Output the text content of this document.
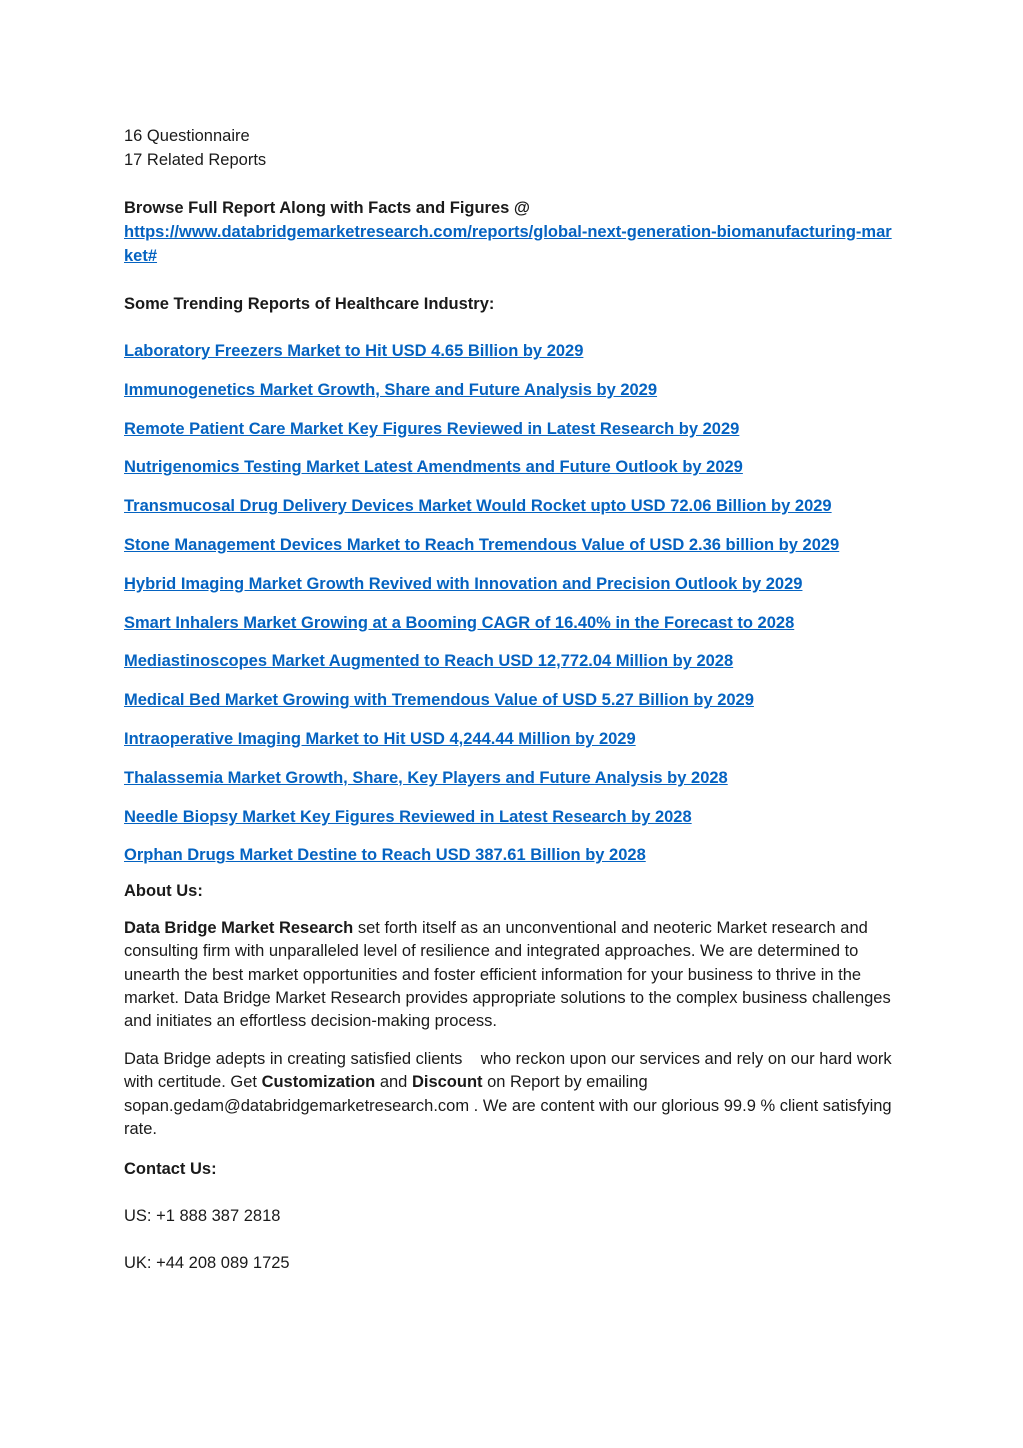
16 Questionnaire

17 Related Reports

Browse Full Report Along with Facts and Figures @
https://www.databridgemarketresearch.com/reports/global-next-generation-biomanufacturing-market#
Some Trending Reports of Healthcare Industry:
Laboratory Freezers Market to Hit USD 4.65 Billion by 2029
Immunogenetics Market Growth, Share and Future Analysis by 2029
Remote Patient Care Market Key Figures Reviewed in Latest Research by 2029
Nutrigenomics Testing Market Latest Amendments and Future Outlook by 2029
Transmucosal Drug Delivery Devices Market Would Rocket upto USD 72.06 Billion by 2029
Stone Management Devices Market to Reach Tremendous Value of USD 2.36 billion by 2029
Hybrid Imaging Market Growth Revived with Innovation and Precision Outlook by 2029
Smart Inhalers Market Growing at a Booming CAGR of 16.40% in the Forecast to 2028
Mediastinoscopes Market Augmented to Reach USD 12,772.04 Million by 2028
Medical Bed Market Growing with Tremendous Value of USD 5.27 Billion by 2029
Intraoperative Imaging Market to Hit USD 4,244.44 Million by 2029
Thalassemia Market Growth, Share, Key Players and Future Analysis by 2028
Needle Biopsy Market Key Figures Reviewed in Latest Research by 2028
Orphan Drugs Market Destine to Reach USD 387.61 Billion by 2028
About Us:

Data Bridge Market Research set forth itself as an unconventional and neoteric Market research and consulting firm with unparalleled level of resilience and integrated approaches. We are determined to unearth the best market opportunities and foster efficient information for your business to thrive in the market. Data Bridge Market Research provides appropriate solutions to the complex business challenges and initiates an effortless decision-making process.

Data Bridge adepts in creating satisfied clients    who reckon upon our services and rely on our hard work with certitude. Get Customization and Discount on Report by emailing sopan.gedam@databridgemarketresearch.com . We are content with our glorious 99.9 % client satisfying rate.

Contact Us:
US: +1 888 387 2818
UK: +44 208 089 1725
